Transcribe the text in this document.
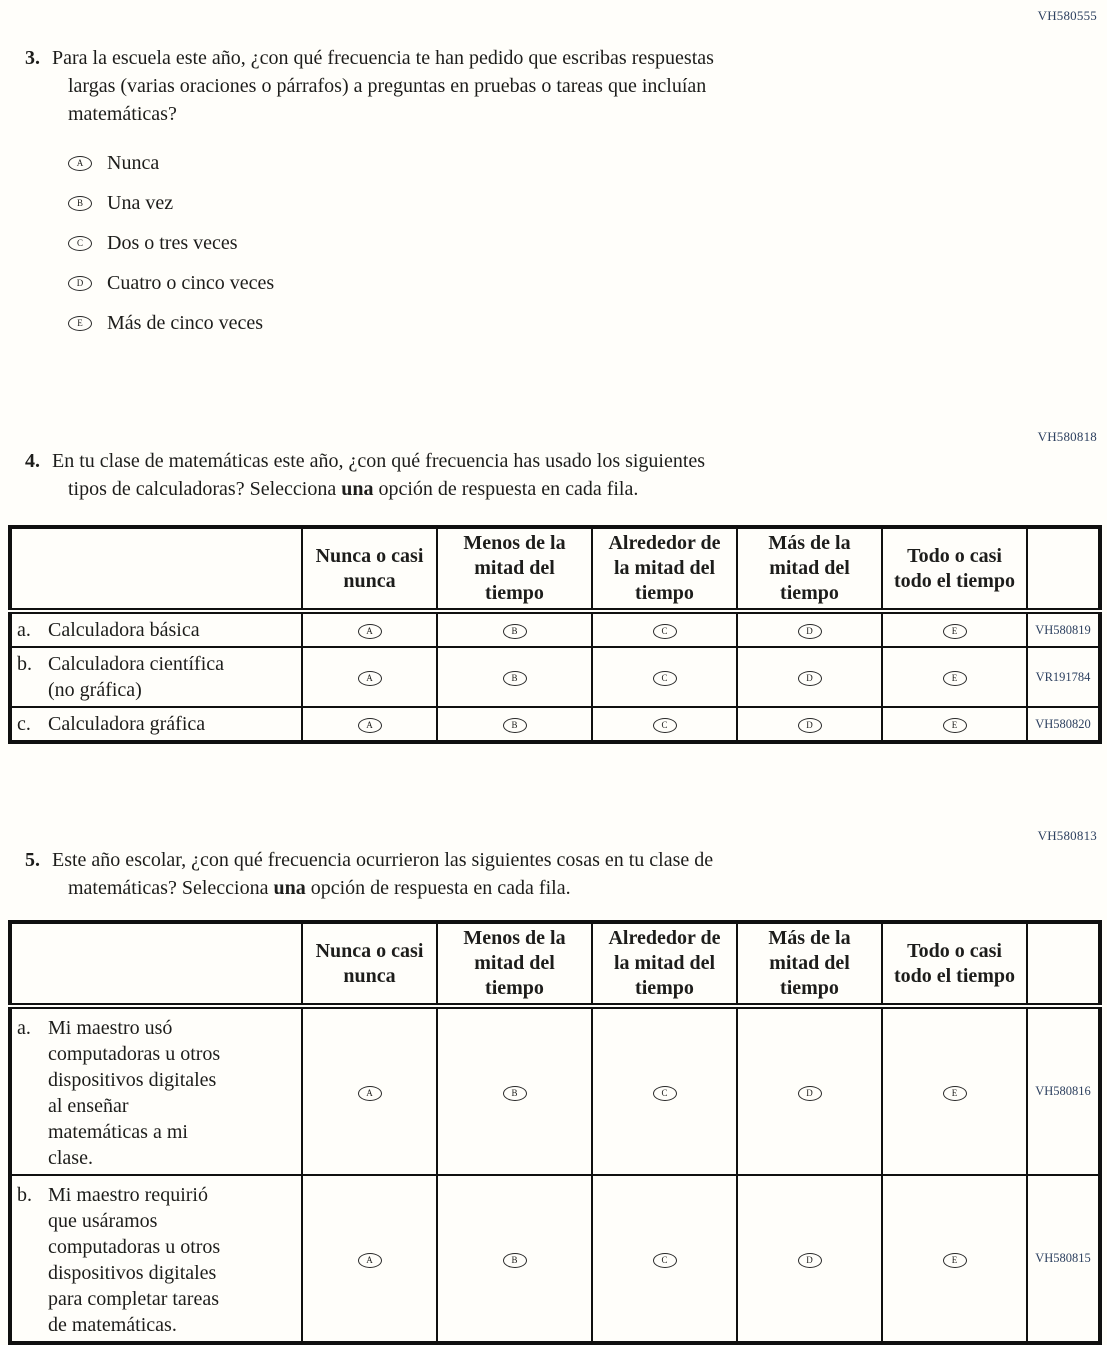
VH580555
3. Para la escuela este año, ¿con qué frecuencia te han pedido que escribas respuestas
largas (varias oraciones o párrafos) a preguntas en pruebas o tareas que incluían
matemáticas?
A	Nunca
B	Una vez
C	Dos o tres veces
D	Cuatro o cinco veces
E	Más de cinco veces
VH580818
4. En tu clase de matemáticas este año, ¿con qué frecuencia has usado los siguientes
tipos de calculadoras? Selecciona una opción de respuesta en cada fila.
	Nunca o casi nunca	Menos de la mitad del tiempo	Alrededor de la mitad del tiempo	Más de la mitad del tiempo	Todo o casi todo el tiempo	

a. Calculadora básica	A	B	C	D	E	VH580819

b. Calculadora científica
(no gráfica)	A	B	C	D	E	VR191784

c. Calculadora gráfica	A	B	C	D	E	VH580820
VH580813
5. Este año escolar, ¿con qué frecuencia ocurrieron las siguientes cosas en tu clase de
matemáticas? Selecciona una opción de respuesta en cada fila.
	Nunca o casi nunca	Menos de la mitad del tiempo	Alrededor de la mitad del tiempo	Más de la mitad del tiempo	Todo o casi todo el tiempo	

a. Mi maestro usó
computadoras u otros
dispositivos digitales
al enseñar
matemáticas a mi
clase.
	A	B	C	D	E	VH580816

b. Mi maestro requirió
que usáramos
computadoras u otros
dispositivos digitales
para completar tareas
de matemáticas.
	A	B	C	D	E	VH580815
